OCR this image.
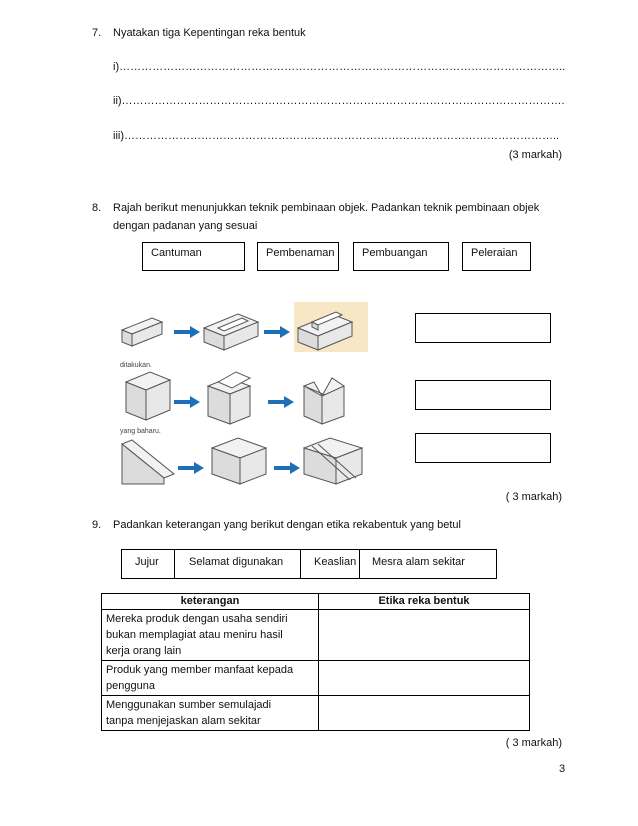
7. Nyatakan tiga Kepentingan reka bentuk
i)…………………………………………………………………………………………………………..
ii)………………………………………………………………………………………………………….
iii)………………………………………………………………………………………………………..
(3 markah)
8. Rajah berikut menunjukkan teknik pembinaan objek. Padankan teknik pembinaan objek
dengan padanan yang sesuai
Cantuman	Pembenaman	Pembuangan	Peleraian
ditakukan.
yang baharu.
( 3 markah)
9. Padankan keterangan yang berikut dengan etika rekabentuk yang betul
Jujur	Selamat digunakan	Keaslian Mesra alam sekitar
keterangan	Etika reka bentuk

Mereka produk dengan usaha sendiri
bukan memplagiat atau meniru hasil
kerja orang lain	

Produk yang member manfaat kepada
pengguna	

Menggunakan sumber semulajadi
tanpa menjejaskan alam sekitar	

( 3 markah)
3
